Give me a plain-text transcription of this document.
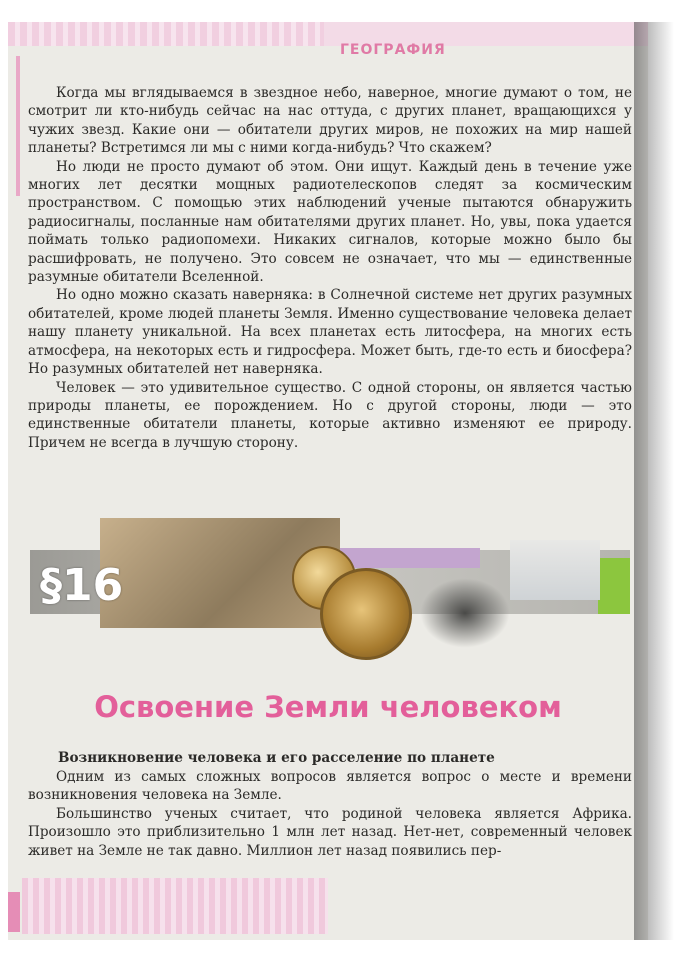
ГЕОГРАФИЯ

Когда мы вглядываемся в звездное небо, наверное, многие думают о том, не смотрит ли кто-нибудь сейчас на нас оттуда, с других планет, вращающихся у чужих звезд. Какие они — обитатели других миров, не похожих на мир нашей планеты? Встретимся ли мы с ними когда-нибудь? Что скажем?

Но люди не просто думают об этом. Они ищут. Каждый день в течение уже многих лет десятки мощных радиотелескопов следят за космическим пространством. С помощью этих наблюдений ученые пытаются обнаружить радиосигналы, посланные нам обитателями других планет. Но, увы, пока удается поймать только радиопомехи. Никаких сигналов, которые можно было бы расшифровать, не получено. Это совсем не означает, что мы — единственные разумные обитатели Вселенной.

Но одно можно сказать наверняка: в Солнечной системе нет других разумных обитателей, кроме людей планеты Земля. Именно существование человека делает нашу планету уникальной. На всех планетах есть литосфера, на многих есть атмосфера, на некоторых есть и гидросфера. Может быть, где-то есть и биосфера? Но разумных обитателей нет наверняка.

Человек — это удивительное существо. С одной стороны, он является частью природы планеты, ее порождением. Но с другой стороны, люди — это единственные обитатели планеты, которые активно изменяют ее природу. Причем не всегда в лучшую сторону.

§16
Освоение Земли человеком
Возникновение человека и его расселение по планете

Одним из самых сложных вопросов является вопрос о месте и времени возникновения человека на Земле.

Большинство ученых считает, что родиной человека является Африка. Произошло это приблизительно 1 млн лет назад. Нет-нет, современный человек живет на Земле не так давно. Миллион лет назад появились пер-
